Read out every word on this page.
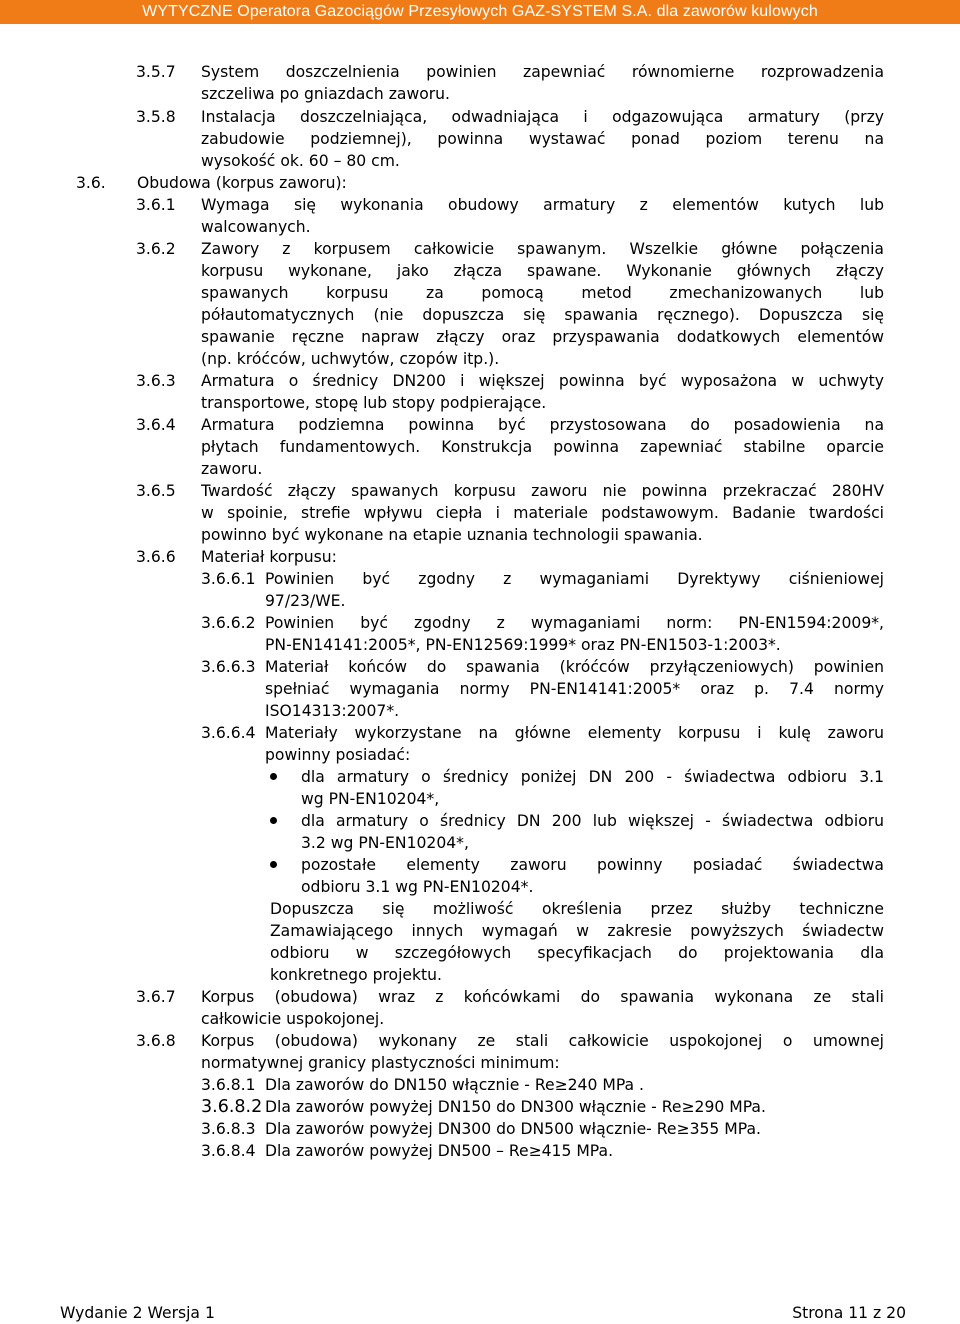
WYTYCZNE Operatora Gazociągów Przesyłowych GAZ-SYSTEM S.A. dla zaworów kulowych
3.5.7 System doszczelnienia powinien zapewniać równomierne rozprowadzenia
szczeliwa po gniazdach zaworu.
3.5.8 Instalacja doszczelniająca, odwadniająca i odgazowująca armatury (przy
zabudowie podziemnej), powinna wystawać ponad poziom terenu na
wysokość ok. 60 – 80 cm.
3.6. Obudowa (korpus zaworu):
3.6.1 Wymaga się wykonania obudowy armatury z elementów kutych lub
walcowanych.
3.6.2 Zawory z korpusem całkowicie spawanym. Wszelkie główne połączenia
korpusu wykonane, jako złącza spawane. Wykonanie głównych złączy
spawanych korpusu za pomocą metod zmechanizowanych lub
półautomatycznych (nie dopuszcza się spawania ręcznego). Dopuszcza się
spawanie ręczne napraw złączy oraz przyspawania dodatkowych elementów
(np. króćców, uchwytów, czopów itp.).
3.6.3 Armatura o średnicy DN200 i większej powinna być wyposażona w uchwyty
transportowe, stopę lub stopy podpierające.
3.6.4 Armatura podziemna powinna być przystosowana do posadowienia na
płytach fundamentowych. Konstrukcja powinna zapewniać stabilne oparcie
zaworu.
3.6.5 Twardość złączy spawanych korpusu zaworu nie powinna przekraczać 280HV
w spoinie, strefie wpływu ciepła i materiale podstawowym. Badanie twardości
powinno być wykonane na etapie uznania technologii spawania.
3.6.6 Materiał korpusu:
3.6.6.1 Powinien być zgodny z wymaganiami Dyrektywy ciśnieniowej
97/23/WE.
3.6.6.2 Powinien być zgodny z wymaganiami norm: PN-EN1594:2009*,
PN-EN14141:2005*, PN-EN12569:1999* oraz PN-EN1503-1:2003*.
3.6.6.3 Materiał końców do spawania (króćców przyłączeniowych) powinien
spełniać wymagania normy PN-EN14141:2005* oraz p. 7.4 normy
ISO14313:2007*.
3.6.6.4 Materiały wykorzystane na główne elementy korpusu i kulę zaworu
powinny posiadać:
dla armatury o średnicy poniżej DN 200 - świadectwa odbioru 3.1
wg PN-EN10204*,
dla armatury o średnicy DN 200 lub większej - świadectwa odbioru
3.2 wg PN-EN10204*,
pozostałe elementy zaworu powinny posiadać świadectwa
odbioru 3.1 wg PN-EN10204*.
Dopuszcza się możliwość określenia przez służby techniczne
Zamawiającego innych wymagań w zakresie powyższych świadectw
odbioru w szczegółowych specyfikacjach do projektowania dla
konkretnego projektu.
3.6.7 Korpus (obudowa) wraz z końcówkami do spawania wykonana ze stali
całkowicie uspokojonej.
3.6.8 Korpus (obudowa) wykonany ze stali całkowicie uspokojonej o umownej
normatywnej granicy plastyczności minimum:
3.6.8.1 Dla zaworów do DN150 włącznie - Re≥240 MPa .
3.6.8.2 Dla zaworów powyżej DN150 do DN300 włącznie - Re≥290 MPa.
3.6.8.3 Dla zaworów powyżej DN300 do DN500 włącznie- Re≥355 MPa.
3.6.8.4 Dla zaworów powyżej DN500 – Re≥415 MPa.
Wydanie 2 Wersja 1	Strona 11 z 20
